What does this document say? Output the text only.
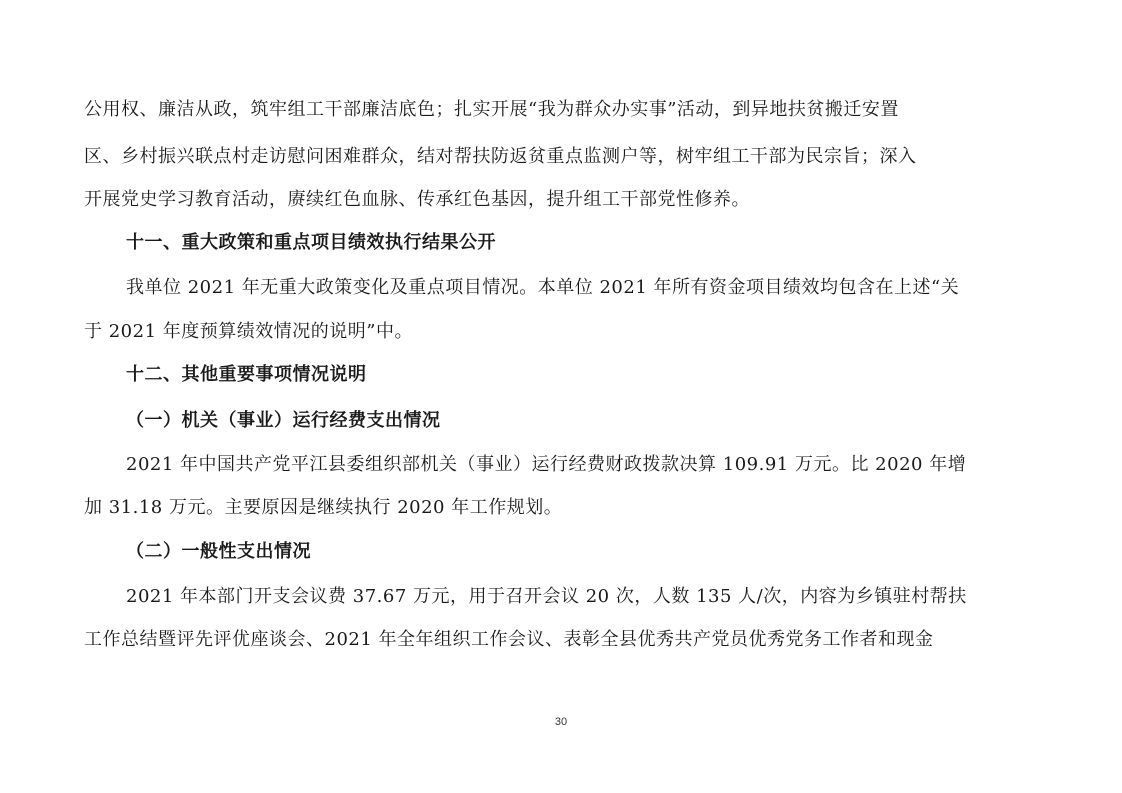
公用权、廉洁从政，筑牢组工干部廉洁底色；扎实开展“我为群众办实事”活动，到异地扶贫搬迁安置
区、乡村振兴联点村走访慰问困难群众，结对帮扶防返贫重点监测户等，树牢组工干部为民宗旨；深入
开展党史学习教育活动，赓续红色血脉、传承红色基因，提升组工干部党性修养。
十一、重大政策和重点项目绩效执行结果公开
我单位 2021 年无重大政策变化及重点项目情况。本单位 2021 年所有资金项目绩效均包含在上述“关
于 2021 年度预算绩效情况的说明”中。
十二、其他重要事项情况说明
（一）机关（事业）运行经费支出情况
2021 年中国共产党平江县委组织部机关（事业）运行经费财政拨款决算 109.91 万元。比 2020 年增
加 31.18 万元。主要原因是继续执行 2020 年工作规划。
（二）一般性支出情况
2021 年本部门开支会议费 37.67 万元，用于召开会议 20 次，人数 135 人/次，内容为乡镇驻村帮扶
工作总结暨评先评优座谈会、2021 年全年组织工作会议、表彰全县优秀共产党员优秀党务工作者和现金
30
